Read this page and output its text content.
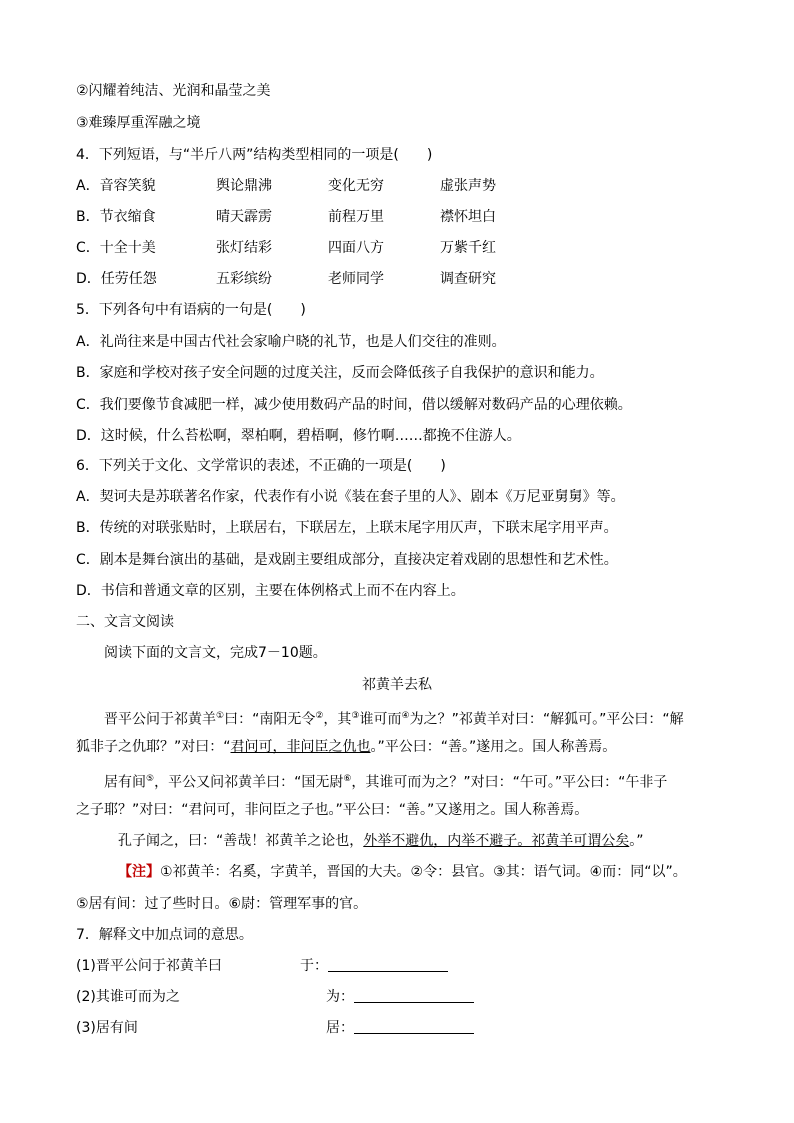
②闪耀着纯洁、光润和晶莹之美
③难臻厚重浑融之境
4．下列短语，与“半斤八两”结构类型相同的一项是(　　)
A．音容笑貌	舆论鼎沸	变化无穷	虚张声势
B．节衣缩食	晴天霹雳	前程万里	襟怀坦白
C．十全十美	张灯结彩	四面八方	万紫千红
D．任劳任怨	五彩缤纷	老师同学	调查研究
5．下列各句中有语病的一句是(　　)
A．礼尚往来是中国古代社会家喻户晓的礼节，也是人们交往的准则。
B．家庭和学校对孩子安全问题的过度关注，反而会降低孩子自我保护的意识和能力。
C．我们要像节食减肥一样，减少使用数码产品的时间，借以缓解对数码产品的心理依赖。
D．这时候，什么苔松啊，翠柏啊，碧梧啊，修竹啊……都挽不住游人。
6．下列关于文化、文学常识的表述，不正确的一项是(　　)
A．契诃夫是苏联著名作家，代表作有小说《装在套子里的人》、剧本《万尼亚舅舅》等。
B．传统的对联张贴时，上联居右，下联居左，上联末尾字用仄声，下联末尾字用平声。
C．剧本是舞台演出的基础，是戏剧主要组成部分，直接决定着戏剧的思想性和艺术性。
D．书信和普通文章的区别，主要在体例格式上而不在内容上。
二、文言文阅读
阅读下面的文言文，完成7－10题。
祁黄羊去私
晋平公问于祁黄羊①曰：“南阳无令②，其③谁可而④为之？”祁黄羊对曰：“解狐可。”平公曰：“解
狐非子之仇耶？”对曰：“君问可，非问臣之仇也。”平公曰：“善。”遂用之。国人称善焉。
居有间⑤，平公又问祁黄羊曰：“国无尉⑥，其谁可而为之？”对曰：“午可。”平公曰：“午非子
之子耶？”对曰：“君问可，非问臣之子也。”平公曰：“善。”又遂用之。国人称善焉。
孔子闻之，曰：“善哉！祁黄羊之论也，外举不避仇，内举不避子。祁黄羊可谓公矣。”
【注】①祁黄羊：名奚，字黄羊，晋国的大夫。②令：县官。③其：语气词。④而：同“以”。
⑤居有间：过了些时日。⑥尉：管理军事的官。
7．解释文中加点词的意思。
(1)晋平公问于祁黄羊曰	于：
(2)其谁可而为之	为：
(3)居有间	居：
